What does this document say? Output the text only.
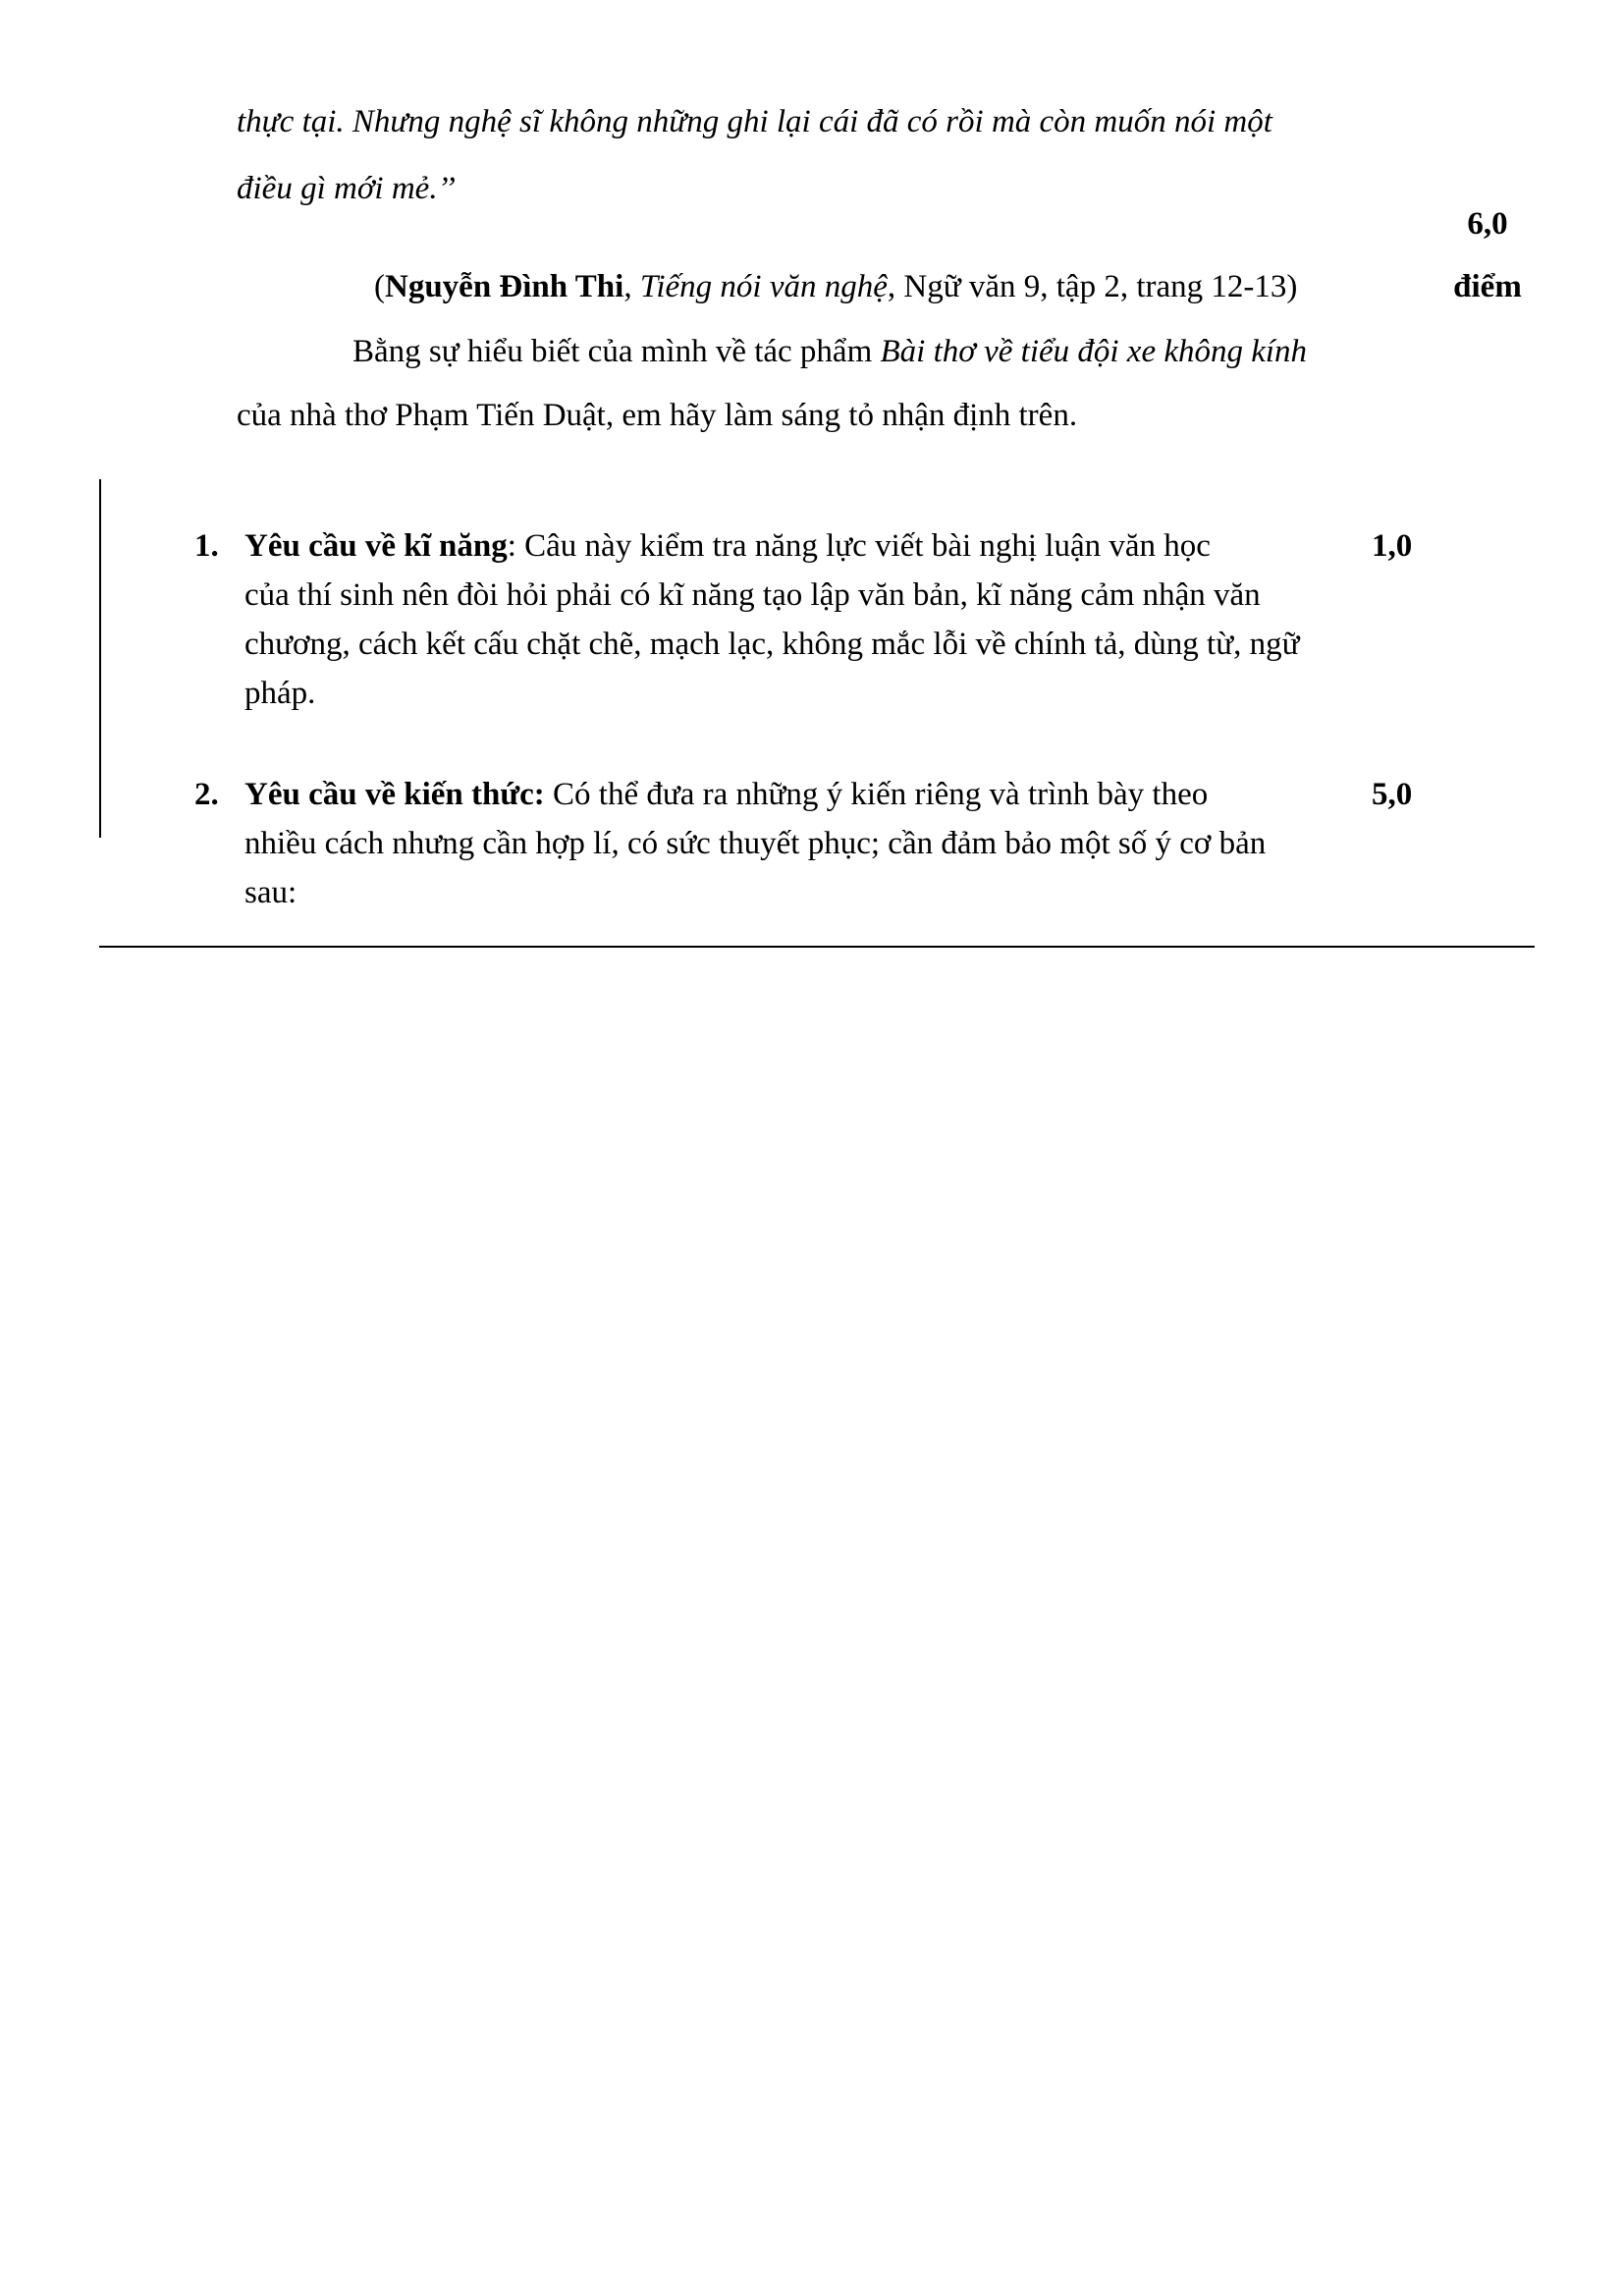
thực tại. Nhưng nghệ sĩ không những ghi lại cái đã có rồi mà còn muốn nói một
điều gì mới mẻ.’’
6,0
điểm
(Nguyễn Đình Thi, Tiếng nói văn nghệ, Ngữ văn 9, tập 2, trang 12-13)
Bằng sự hiểu biết của mình về tác phẩm Bài thơ về tiểu đội xe không kính
của nhà thơ Phạm Tiến Duật, em hãy làm sáng tỏ nhận định trên.
1. Yêu cầu về kĩ năng: Câu này kiểm tra năng lực viết bài nghị luận văn học
của thí sinh nên đòi hỏi phải có kĩ năng tạo lập văn bản, kĩ năng cảm nhận văn
chương, cách kết cấu chặt chẽ, mạch lạc, không mắc lỗi về chính tả, dùng từ, ngữ
pháp.
1,0
2. Yêu cầu về kiến thức: Có thể đưa ra những ý kiến riêng và trình bày theo
nhiều cách nhưng cần hợp lí, có sức thuyết phục; cần đảm bảo một số ý cơ bản
sau:
5,0
